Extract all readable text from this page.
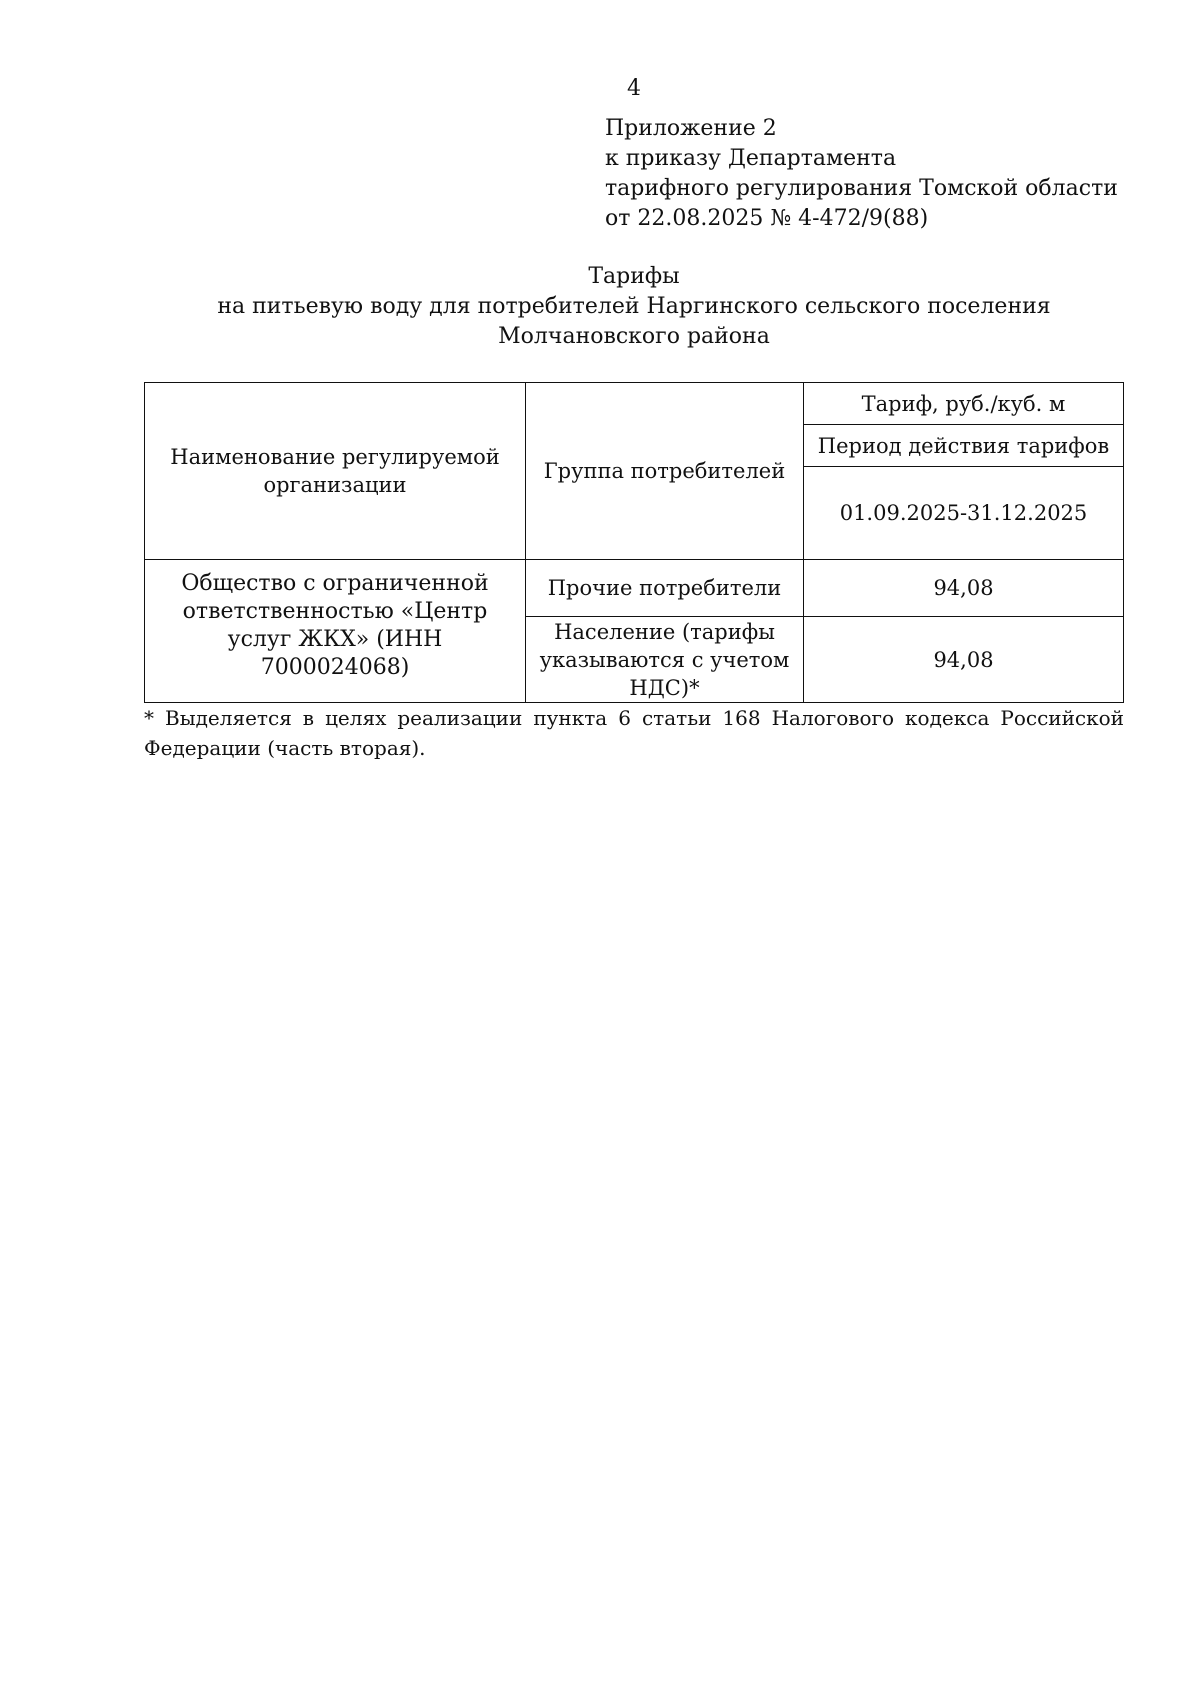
4
Приложение 2
к приказу Департамента
тарифного регулирования Томской области
от 22.08.2025 № 4-472/9(88)
Тарифы
на питьевую воду для потребителей Наргинского сельского поселения
Молчановского района
Наименование регулируемой организации	Группа потребителей	Тариф, руб./куб. м
		Период действия тарифов
		01.09.2025-31.12.2025
Общество с ограниченной ответственностью «Центр услуг ЖКХ» (ИНН 7000024068)	Прочие потребители	94,08
	Население (тарифы указываются с учетом НДС)*	94,08
* Выделяется в целях реализации пункта 6 статьи 168 Налогового кодекса Российской Федерации (часть вторая).
